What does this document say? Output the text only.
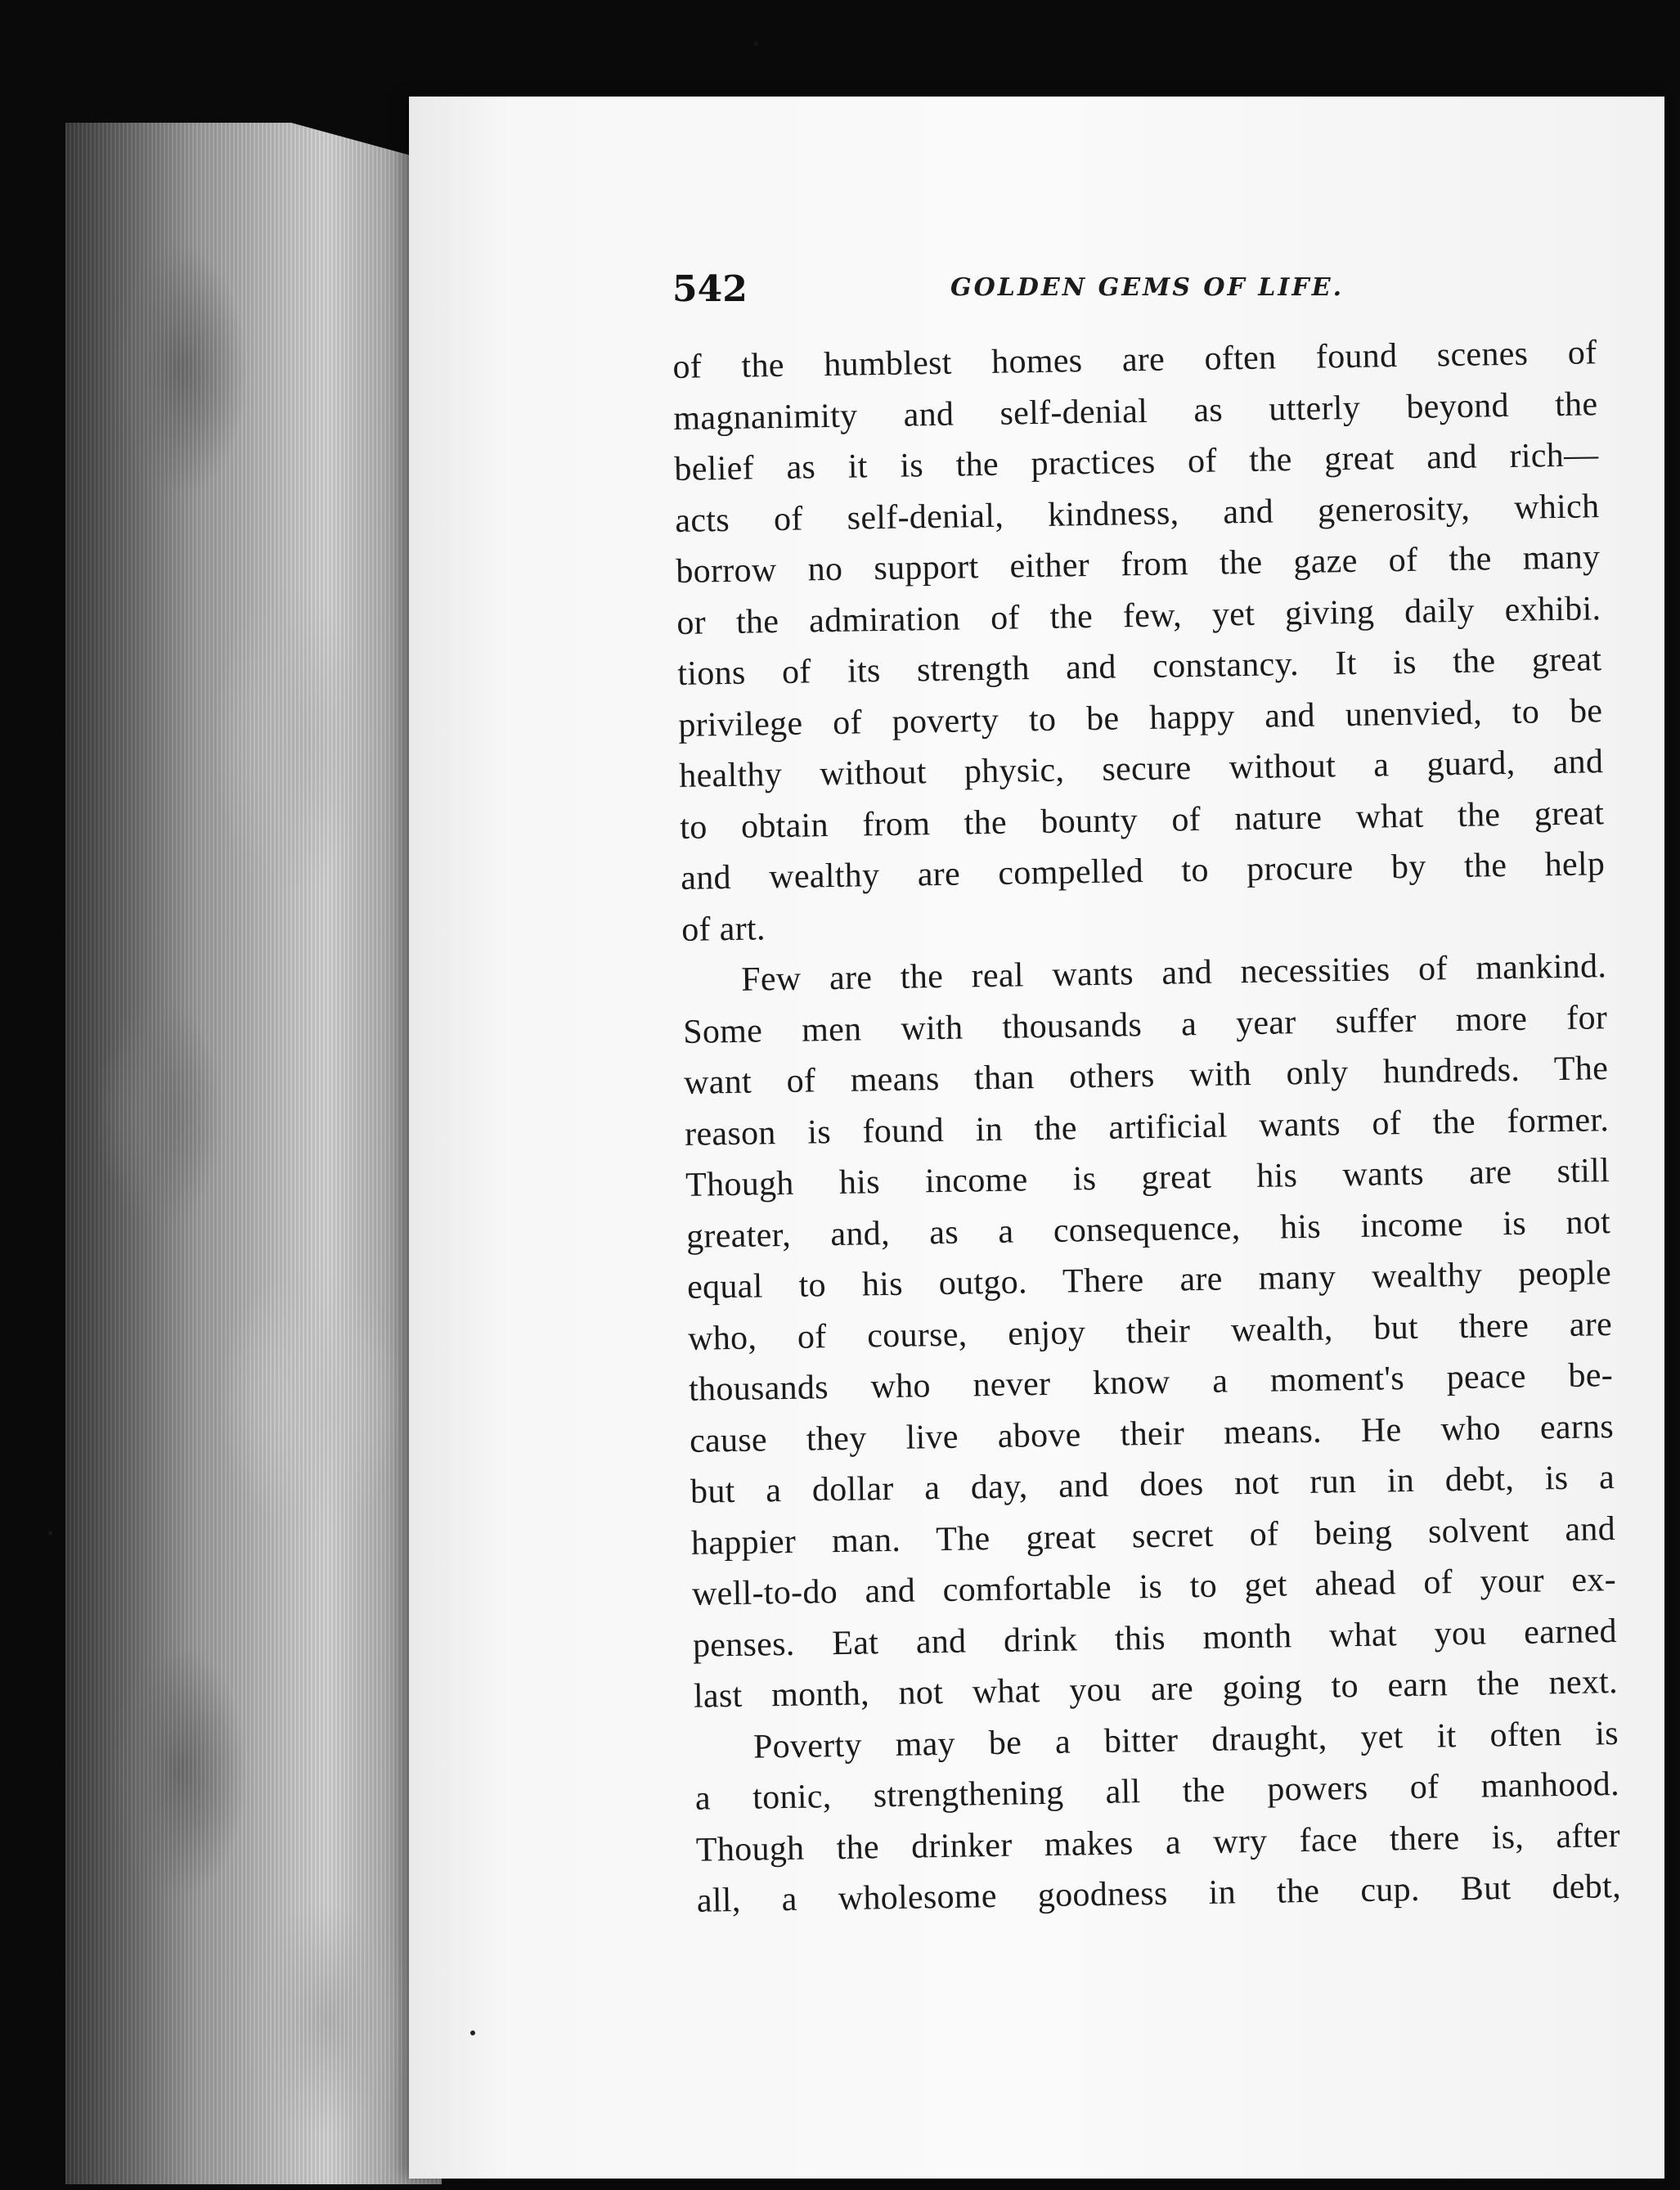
542	GOLDEN GEMS OF LIFE.
of the humblest homes are often found scenes of
magnanimity and self-denial as utterly beyond the
belief as it is the practices of the great and rich—
acts of self-denial, kindness, and generosity, which
borrow no support either from the gaze of the many
or the admiration of the few, yet giving daily exhibi.
tions of its strength and constancy. It is the great
privilege of poverty to be happy and unenvied, to be
healthy without physic, secure without a guard, and
to obtain from the bounty of nature what the great
and wealthy are compelled to procure by the help
of art.
Few are the real wants and necessities of mankind.
Some men with thousands a year suffer more for
want of means than others with only hundreds. The
reason is found in the artificial wants of the former.
Though his income is great his wants are still
greater, and, as a consequence, his income is not
equal to his outgo. There are many wealthy people
who, of course, enjoy their wealth, but there are
thousands who never know a moment's peace be-
cause they live above their means. He who earns
but a dollar a day, and does not run in debt, is a
happier man. The great secret of being solvent and
well-to-do and comfortable is to get ahead of your ex-
penses. Eat and drink this month what you earned
last month, not what you are going to earn the next.
Poverty may be a bitter draught, yet it often is
a tonic, strengthening all the powers of manhood.
Though the drinker makes a wry face there is, after
all, a wholesome goodness in the cup. But debt,
